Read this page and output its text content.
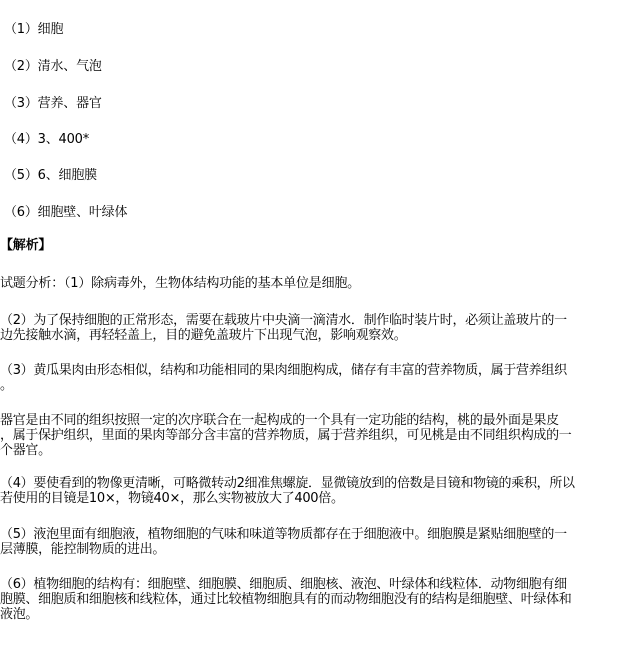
（1）细胞
（2）清水、气泡
（3）营养、器官
（4）3、400*
（5）6、细胞膜
（6）细胞壁、叶绿体
【解析】
试题分析：（1）除病毒外，生物体结构功能的基本单位是细胞。
（2）为了保持细胞的正常形态，需要在载玻片中央滴一滴清水．制作临时装片时，必须让盖玻片的一
边先接触水滴，再轻轻盖上，目的避免盖玻片下出现气泡，影响观察效。
（3）黄瓜果肉由形态相似，结构和功能相同的果肉细胞构成，储存有丰富的营养物质，属于营养组织
。
器官是由不同的组织按照一定的次序联合在一起构成的一个具有一定功能的结构，桃的最外面是果皮
，属于保护组织，里面的果肉等部分含丰富的营养物质，属于营养组织，可见桃是由不同组织构成的一
个器官。
（4）要使看到的物像更清晰，可略微转动2细准焦螺旋．显微镜放到的倍数是目镜和物镜的乘积，所以
若使用的目镜是10×，物镜40×，那么实物被放大了400倍。
（5）液泡里面有细胞液，植物细胞的气味和味道等物质都存在于细胞液中。细胞膜是紧贴细胞壁的一
层薄膜，能控制物质的进出。
（6）植物细胞的结构有：细胞壁、细胞膜、细胞质、细胞核、液泡、叶绿体和线粒体．动物细胞有细
胞膜、细胞质和细胞核和线粒体，通过比较植物细胞具有的而动物细胞没有的结构是细胞壁、叶绿体和
液泡。
